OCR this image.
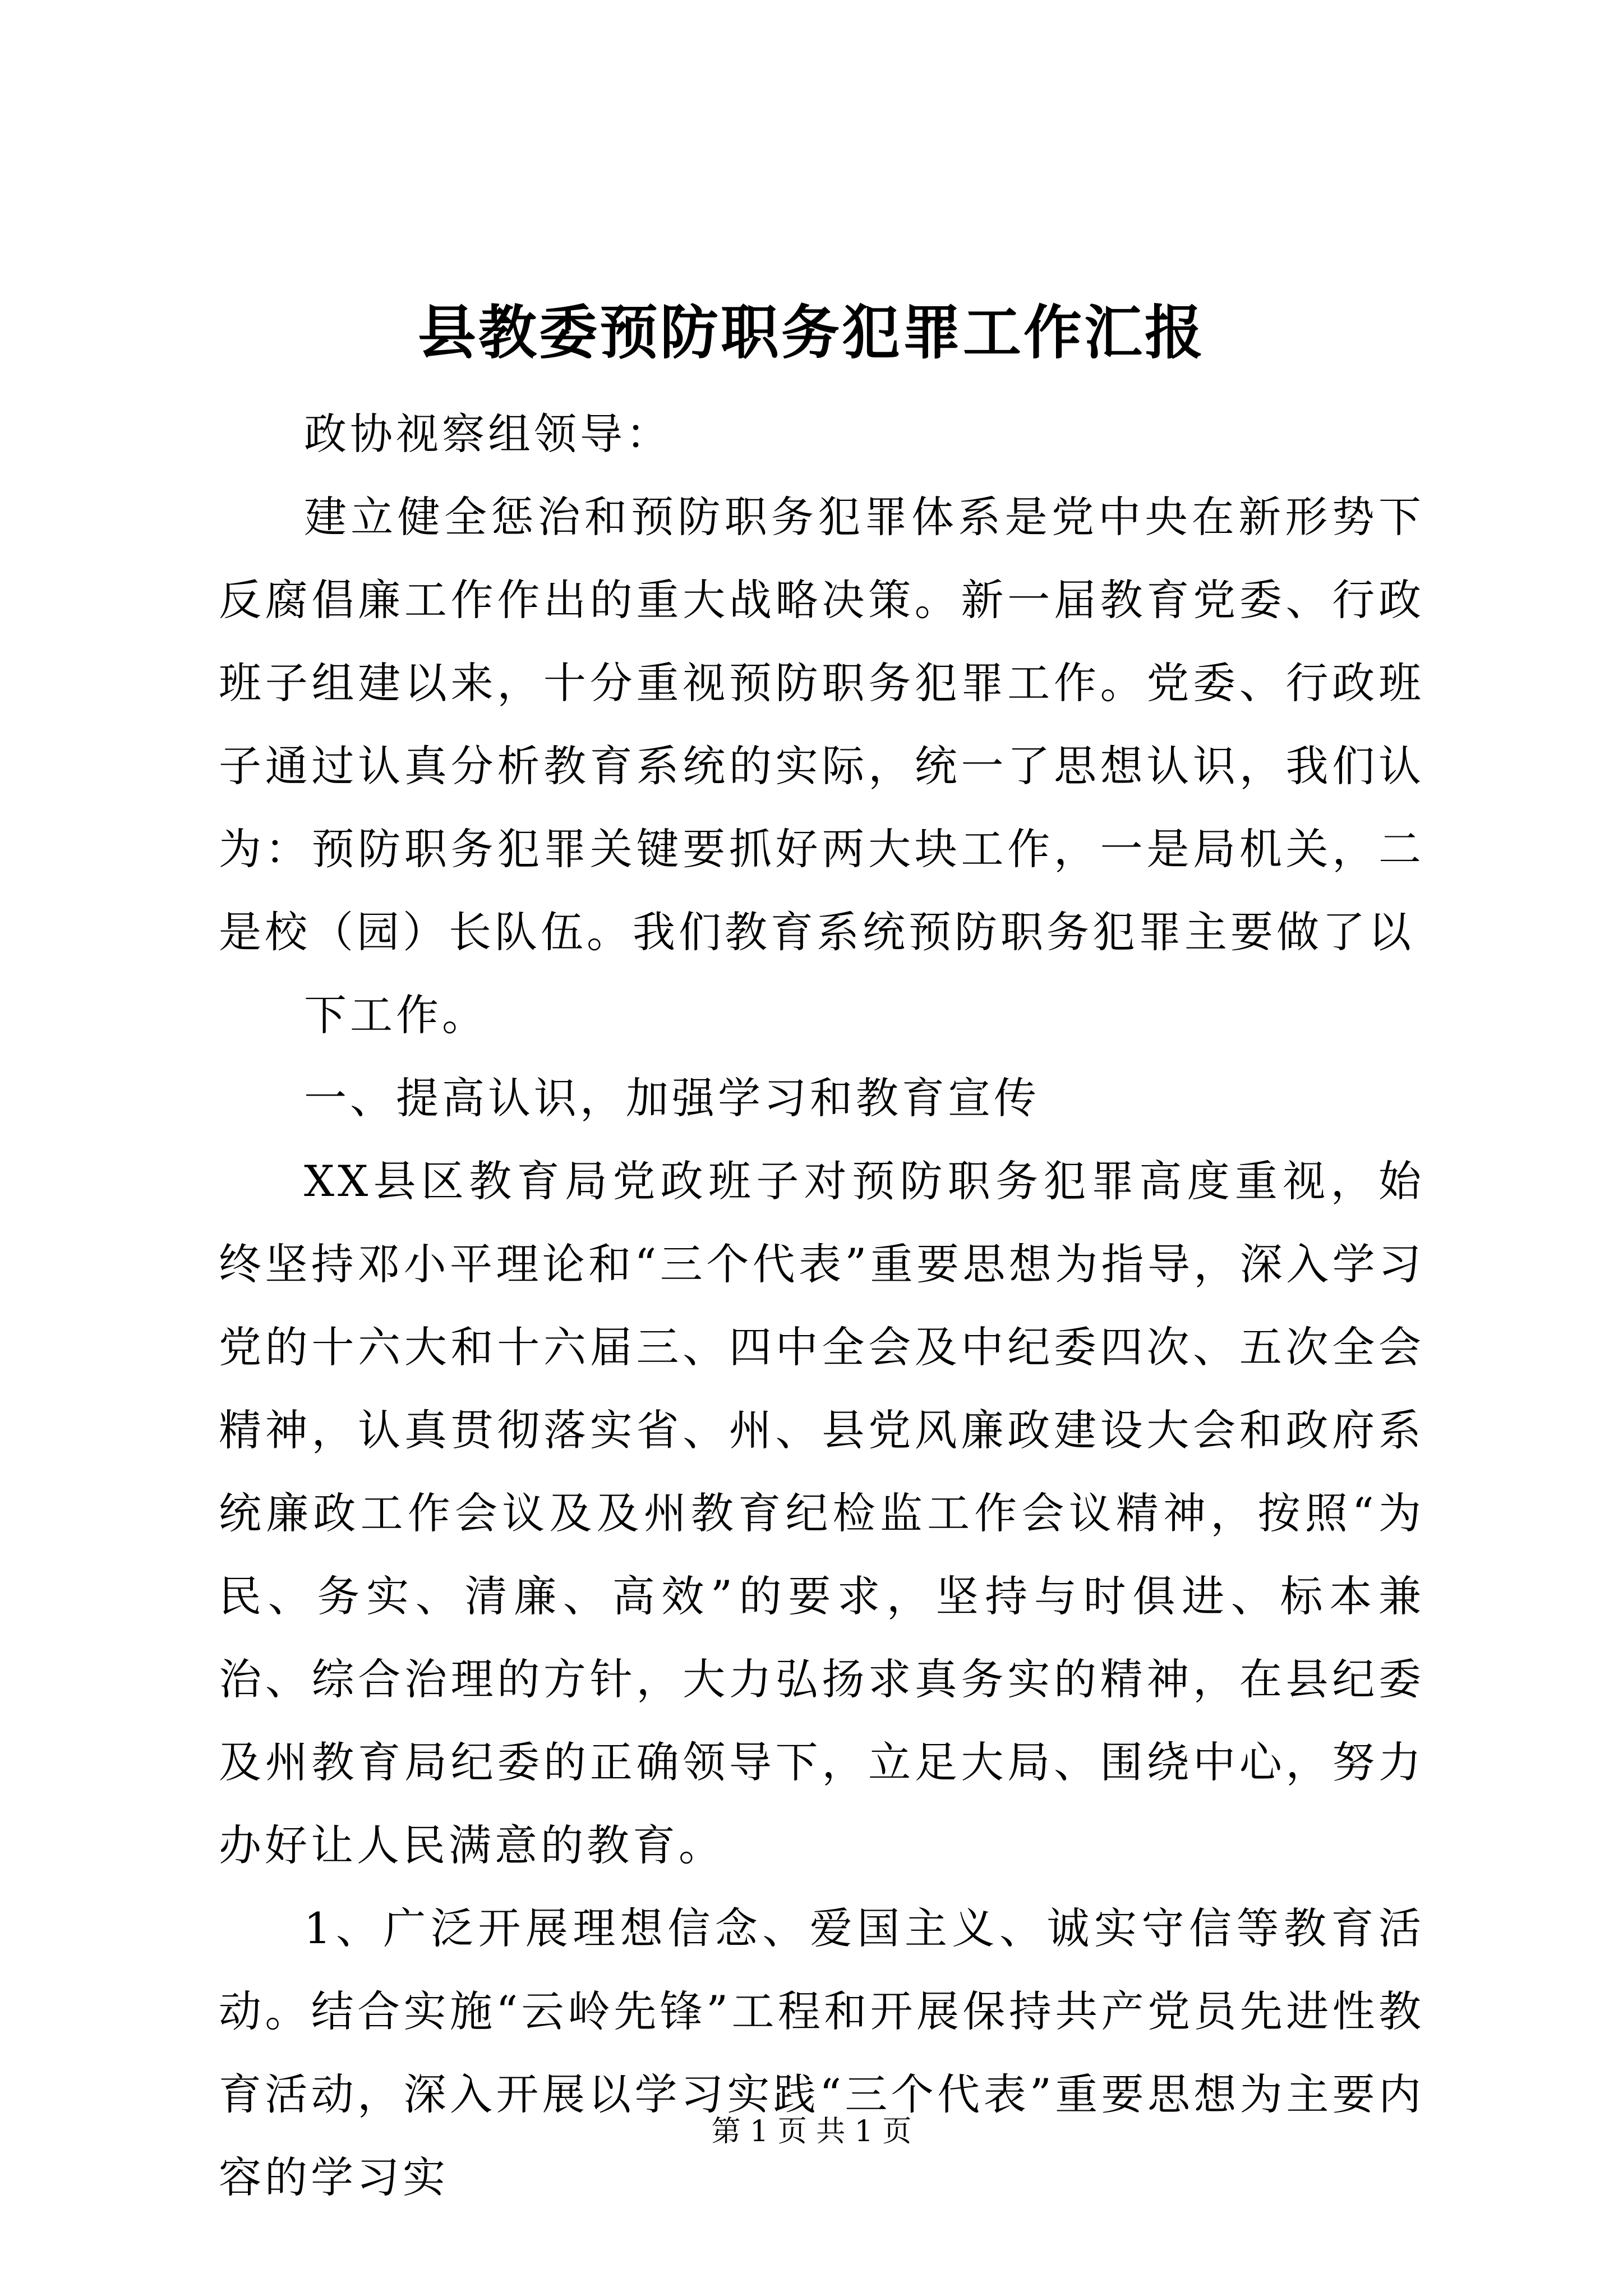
县教委预防职务犯罪工作汇报

政协视察组领导：

建立健全惩治和预防职务犯罪体系是党中央在新形势下反腐倡廉工作作出的重大战略决策。新一届教育党委、行政班子组建以来，十分重视预防职务犯罪工作。党委、行政班子通过认真分析教育系统的实际，统一了思想认识，我们认为：预防职务犯罪关键要抓好两大块工作，一是局机关，二是校（园）长队伍。我们教育系统预防职务犯罪主要做了以

下工作。

一、提高认识，加强学习和教育宣传

XX县区教育局党政班子对预防职务犯罪高度重视，始终坚持邓小平理论和“三个代表”重要思想为指导，深入学习党的十六大和十六届三、四中全会及中纪委四次、五次全会精神，认真贯彻落实省、州、县党风廉政建设大会和政府系统廉政工作会议及及州教育纪检监工作会议精神，按照“为民、务实、清廉、高效”的要求，坚持与时俱进、标本兼治、综合治理的方针，大力弘扬求真务实的精神，在县纪委及州教育局纪委的正确领导下，立足大局、围绕中心，努力办好让人民满意的教育。

1、广泛开展理想信念、爱国主义、诚实守信等教育活动。结合实施“云岭先锋”工程和开展保持共产党员先进性教育活动，深入开展以学习实践“三个代表”重要思想为主要内容的学习实

第 1 页 共 1 页
